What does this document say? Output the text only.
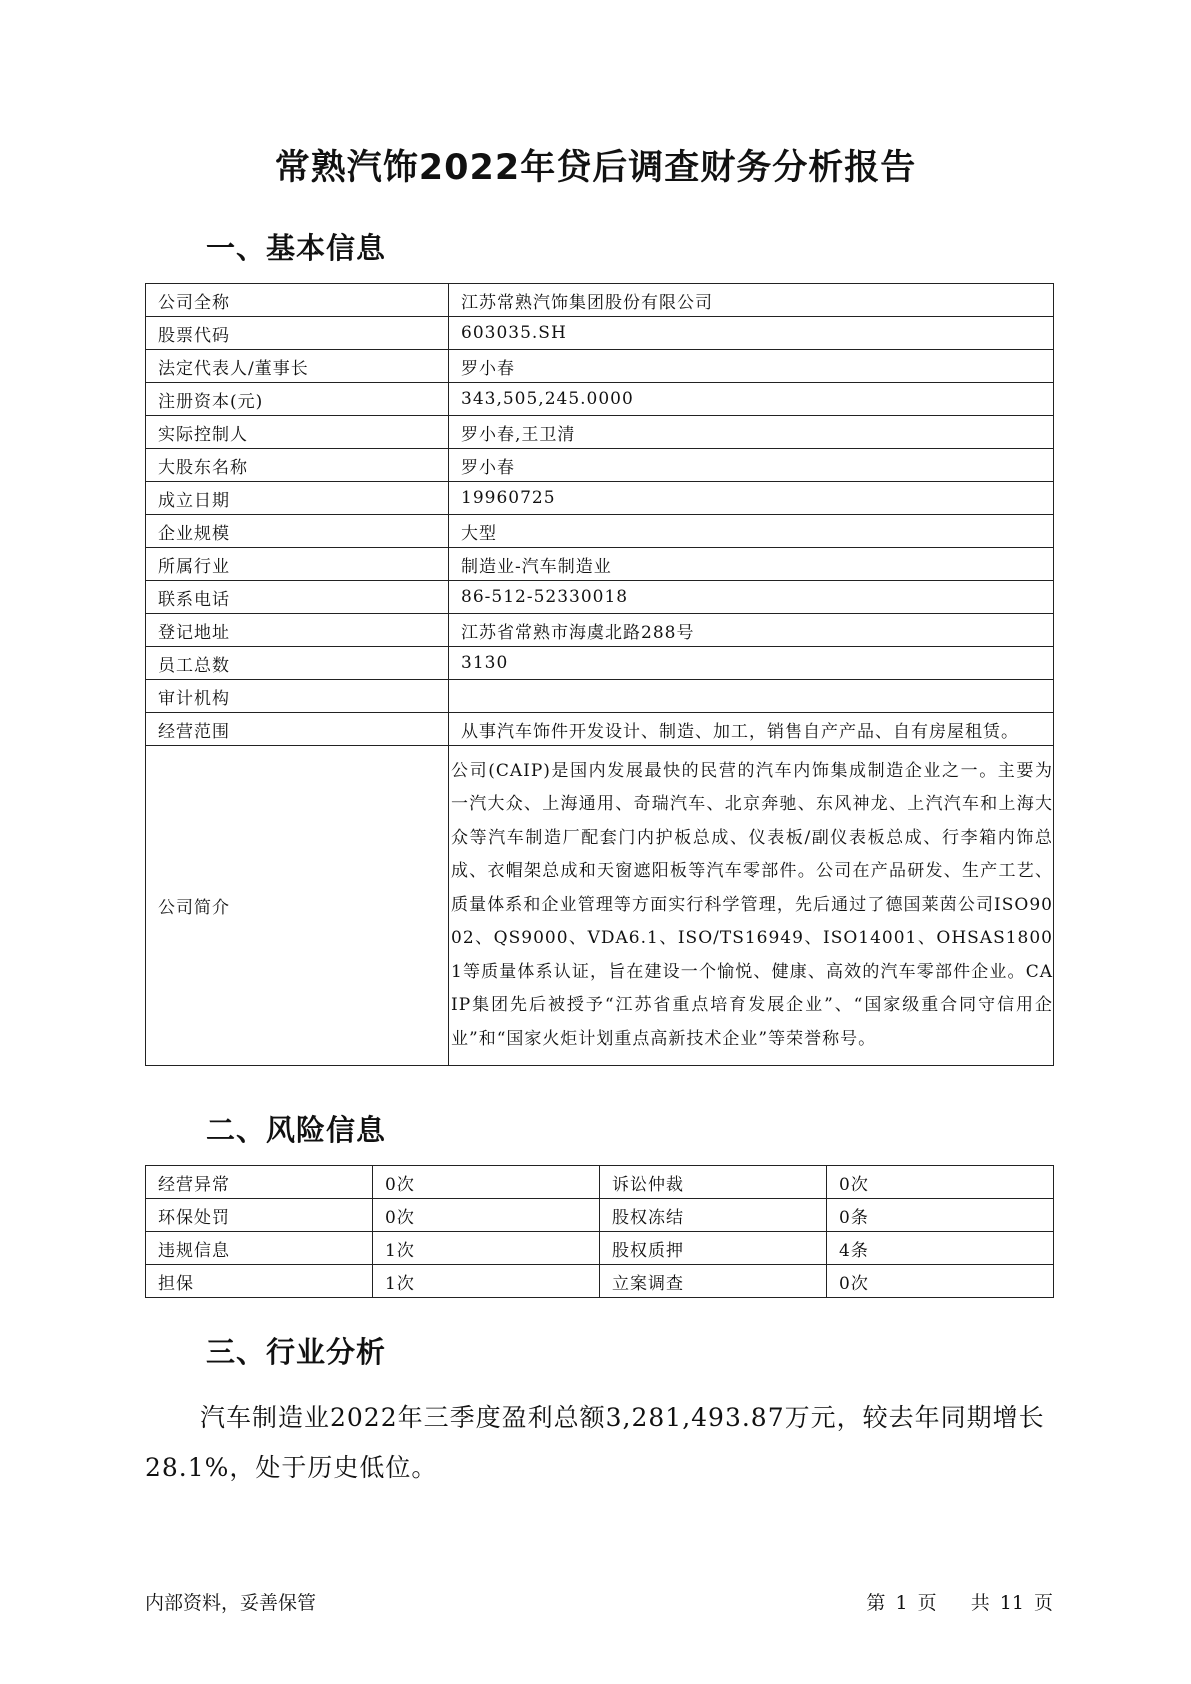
常熟汽饰2022年贷后调查财务分析报告
一、基本信息
公司全称	江苏常熟汽饰集团股份有限公司
股票代码	603035.SH
法定代表人/董事长	罗小春
注册资本(元)	343,505,245.0000
实际控制人	罗小春,王卫清
大股东名称	罗小春
成立日期	19960725
企业规模	大型
所属行业	制造业-汽车制造业
联系电话	86-512-52330018
登记地址	江苏省常熟市海虞北路288号
员工总数	3130
审计机构	
经营范围	从事汽车饰件开发设计、制造、加工，销售自产产品、自有房屋租赁。
公司简介	公司(CAIP)是国内发展最快的民营的汽车内饰集成制造企业之一。主要为一汽大众、上海通用、奇瑞汽车、北京奔驰、东风神龙、上汽汽车和上海大众等汽车制造厂配套门内护板总成、仪表板/副仪表板总成、行李箱内饰总成、衣帽架总成和天窗遮阳板等汽车零部件。公司在产品研发、生产工艺、质量体系和企业管理等方面实行科学管理，先后通过了德国莱茵公司ISO9002、QS9000、VDA6.1、ISO/TS16949、ISO14001、OHSAS18001等质量体系认证，旨在建设一个愉悦、健康、高效的汽车零部件企业。CAIP集团先后被授予“江苏省重点培育发展企业”、“国家级重合同守信用企业”和“国家火炬计划重点高新技术企业”等荣誉称号。
二、风险信息
经营异常	0次	诉讼仲裁	0次
环保处罚	0次	股权冻结	0条
违规信息	1次	股权质押	4条
担保	1次	立案调查	0次
三、行业分析
汽车制造业2022年三季度盈利总额3,281,493.87万元，较去年同期增长28.1%，处于历史低位。
内部资料，妥善保管	第 1 页 共 11 页
